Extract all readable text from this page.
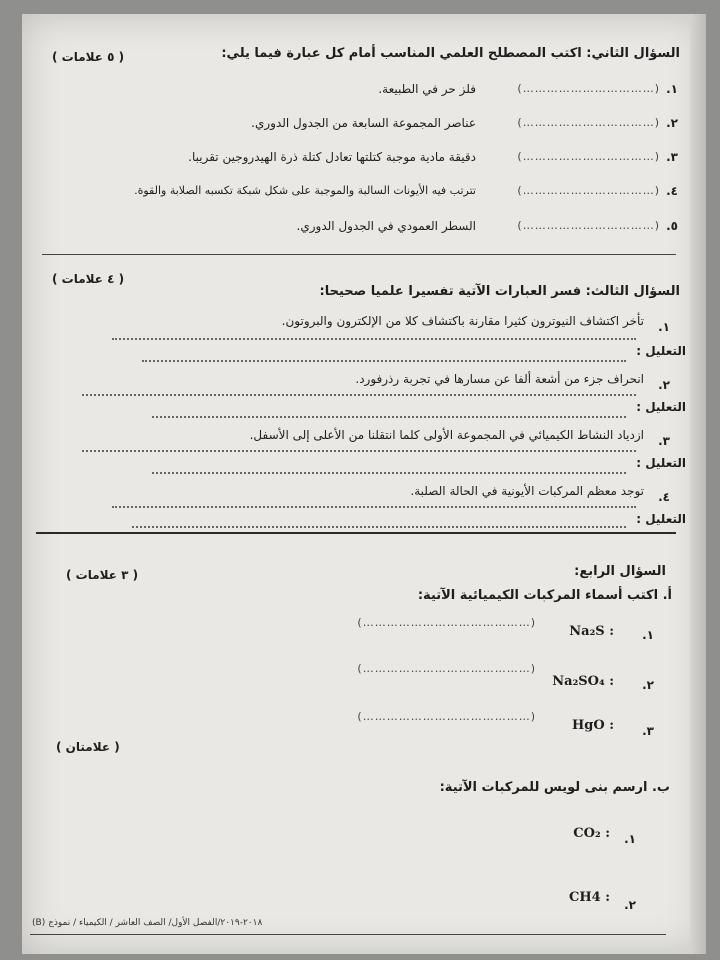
السؤال الثاني: اكتب المصطلح العلمي المناسب أمام كل عبارة فيما يلي:
( ٥ علامات )
١.
(……………………………)
فلز حر في الطبيعة.
٢.
(……………………………)
عناصر المجموعة السابعة من الجدول الدوري.
٣.
(……………………………)
دقيقة مادية موجبة كتلتها تعادل كتلة ذرة الهيدروجين تقريبا.
٤.
(……………………………)
تترتب فيه الأيونات السالبة والموجبة على شكل شبكة تكسبه الصلابة والقوة.
٥.
(……………………………)
السطر العمودي في الجدول الدوري.
السؤال الثالث: فسر العبارات الآتية تفسيرا علميا صحيحا:
( ٤ علامات )
١.
تأخر اكتشاف النيوترون كثيرا مقارنة باكتشاف كلا من الإلكترون والبروتون.
التعليل :
٢.
انحراف جزء من أشعة ألفا عن مسارها في تجربة رذرفورد.
التعليل :
٣.
ازدياد النشاط الكيميائي في المجموعة الأولى كلما انتقلنا من الأعلى إلى الأسفل.
التعليل :
٤.
توجد معظم المركبات الأيونية في الحالة الصلبة.
التعليل :
السؤال الرابع:
( ٣ علامات )
أ. اكتب أسماء المركبات الكيميائية الآتية:
١.
Na₂S :
(……………………………………)
٢.
Na₂SO₄ :
(……………………………………)
٣.
HgO :
(……………………………………)
( علامتان )
ب. ارسم بنى لويس للمركبات الآتية:
١.
CO₂ :
٢.
CH4 :
٢٠١٨-٢٠١٩/الفصل الأول/ الصف العاشر / الكيمياء / نموذج (B)
